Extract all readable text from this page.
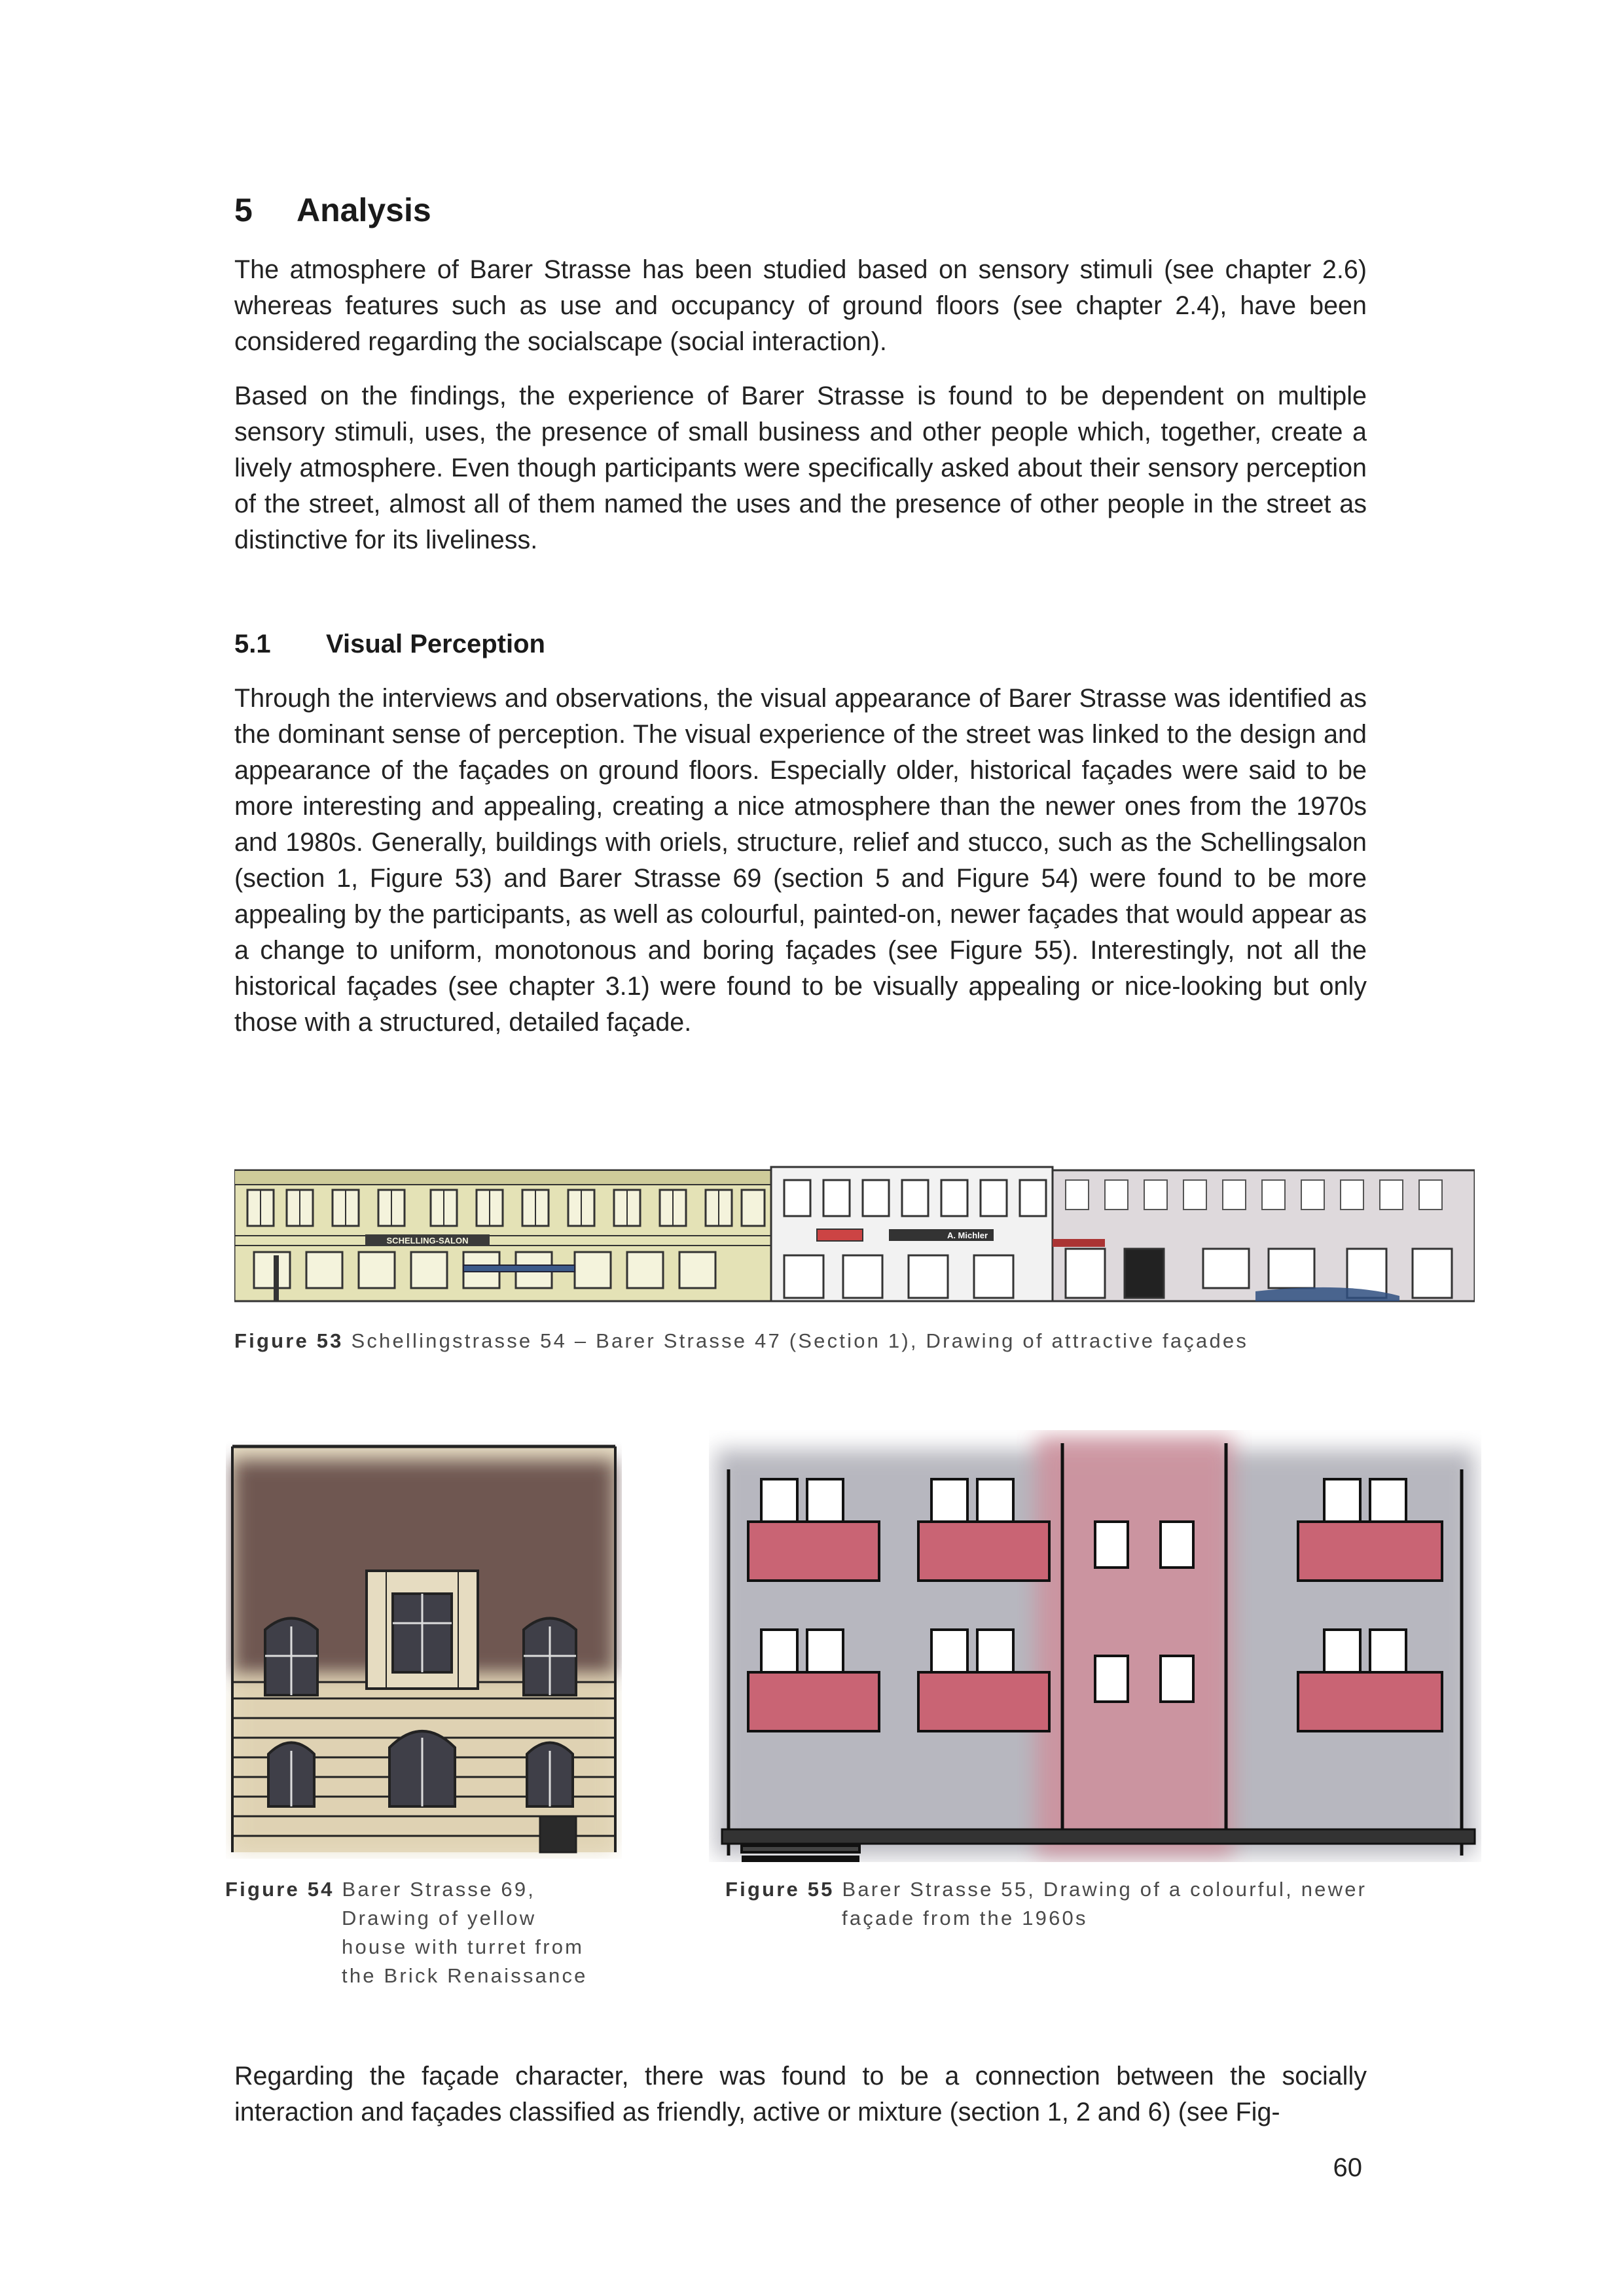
5 Analysis

The atmosphere of Barer Strasse has been studied based on sensory stimuli (see chapter 2.6) whereas features such as use and occupancy of ground floors (see chapter 2.4), have been considered regarding the socialscape (social interaction).

Based on the findings, the experience of Barer Strasse is found to be dependent on multiple sensory stimuli, uses, the presence of small business and other people which, together, create a lively atmosphere. Even though participants were specifically asked about their sensory perception of the street, almost all of them named the uses and the presence of other people in the street as distinctive for its liveliness.

5.1 Visual Perception

Through the interviews and observations, the visual appearance of Barer Strasse was identified as the dominant sense of perception. The visual experience of the street was linked to the design and appearance of the façades on ground floors. Especially older, historical façades were said to be more interesting and appealing, creating a nice atmosphere than the newer ones from the 1970s and 1980s. Generally, buildings with oriels, structure, relief and stucco, such as the Schellingsalon (section 1, Figure 53) and Barer Strasse 69 (section 5 and Figure 54) were found to be more appealing by the participants, as well as colourful, painted-on, newer façades that would appear as a change to uniform, monotonous and boring façades (see Figure 55). Interestingly, not all the historical façades (see chapter 3.1) were found to be visually appealing or nice-looking but only those with a structured, detailed façade.

SCHELLING-SALON
A. Michler

Figure 53 Schellingstrasse 54 – Barer Strasse 47 (Section 1), Drawing of attractive façades

Figure 54 Barer Strasse 69,
Drawing of yellow
house with turret from
the Brick Renaissance

Figure 55 Barer Strasse 55, Drawing of a colourful, newer
façade from the 1960s

Regarding the façade character, there was found to be a connection between the socially interaction and façades classified as friendly, active or mixture (section 1, 2 and 6) (see Fig-

60
